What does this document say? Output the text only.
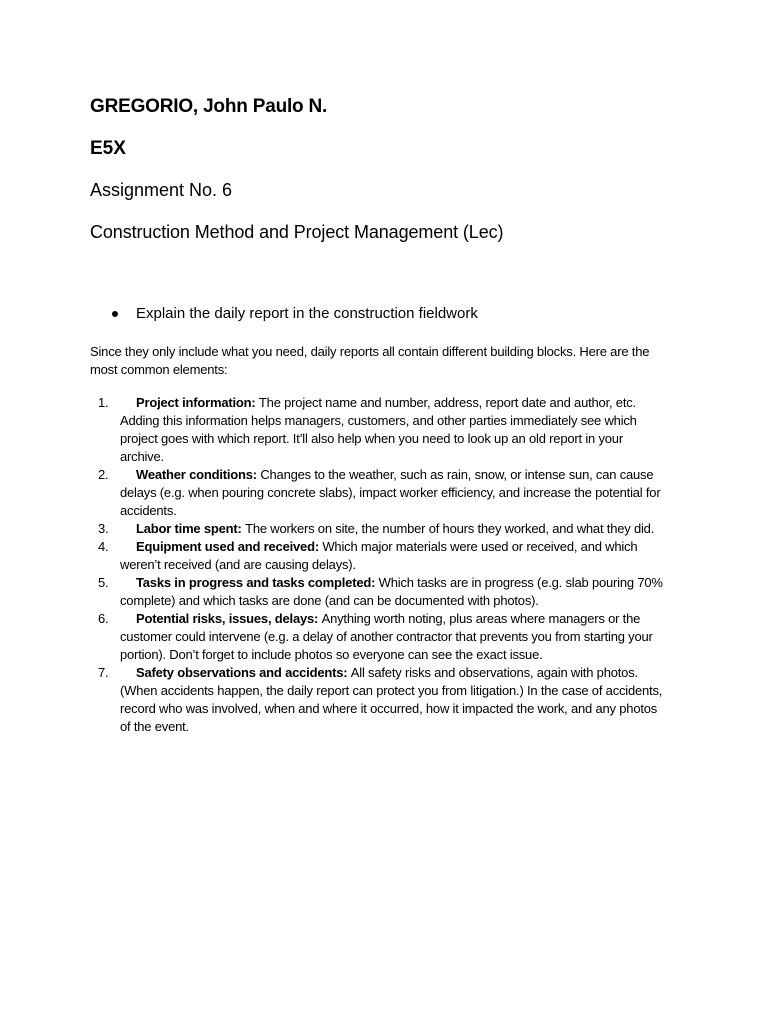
GREGORIO, John Paulo N.
E5X
Assignment No. 6
Construction Method and Project Management (Lec)
Explain the daily report in the construction fieldwork
Since they only include what you need, daily reports all contain different building blocks. Here are the most common elements:
1. Project information: The project name and number, address, report date and author, etc. Adding this information helps managers, customers, and other parties immediately see which project goes with which report. It’ll also help when you need to look up an old report in your archive.
2. Weather conditions: Changes to the weather, such as rain, snow, or intense sun, can cause delays (e.g. when pouring concrete slabs), impact worker efficiency, and increase the potential for accidents.
3. Labor time spent: The workers on site, the number of hours they worked, and what they did.
4. Equipment used and received: Which major materials were used or received, and which weren’t received (and are causing delays).
5. Tasks in progress and tasks completed: Which tasks are in progress (e.g. slab pouring 70% complete) and which tasks are done (and can be documented with photos).
6. Potential risks, issues, delays: Anything worth noting, plus areas where managers or the customer could intervene (e.g. a delay of another contractor that prevents you from starting your portion). Don’t forget to include photos so everyone can see the exact issue.
7. Safety observations and accidents: All safety risks and observations, again with photos. (When accidents happen, the daily report can protect you from litigation.) In the case of accidents, record who was involved, when and where it occurred, how it impacted the work, and any photos of the event.
